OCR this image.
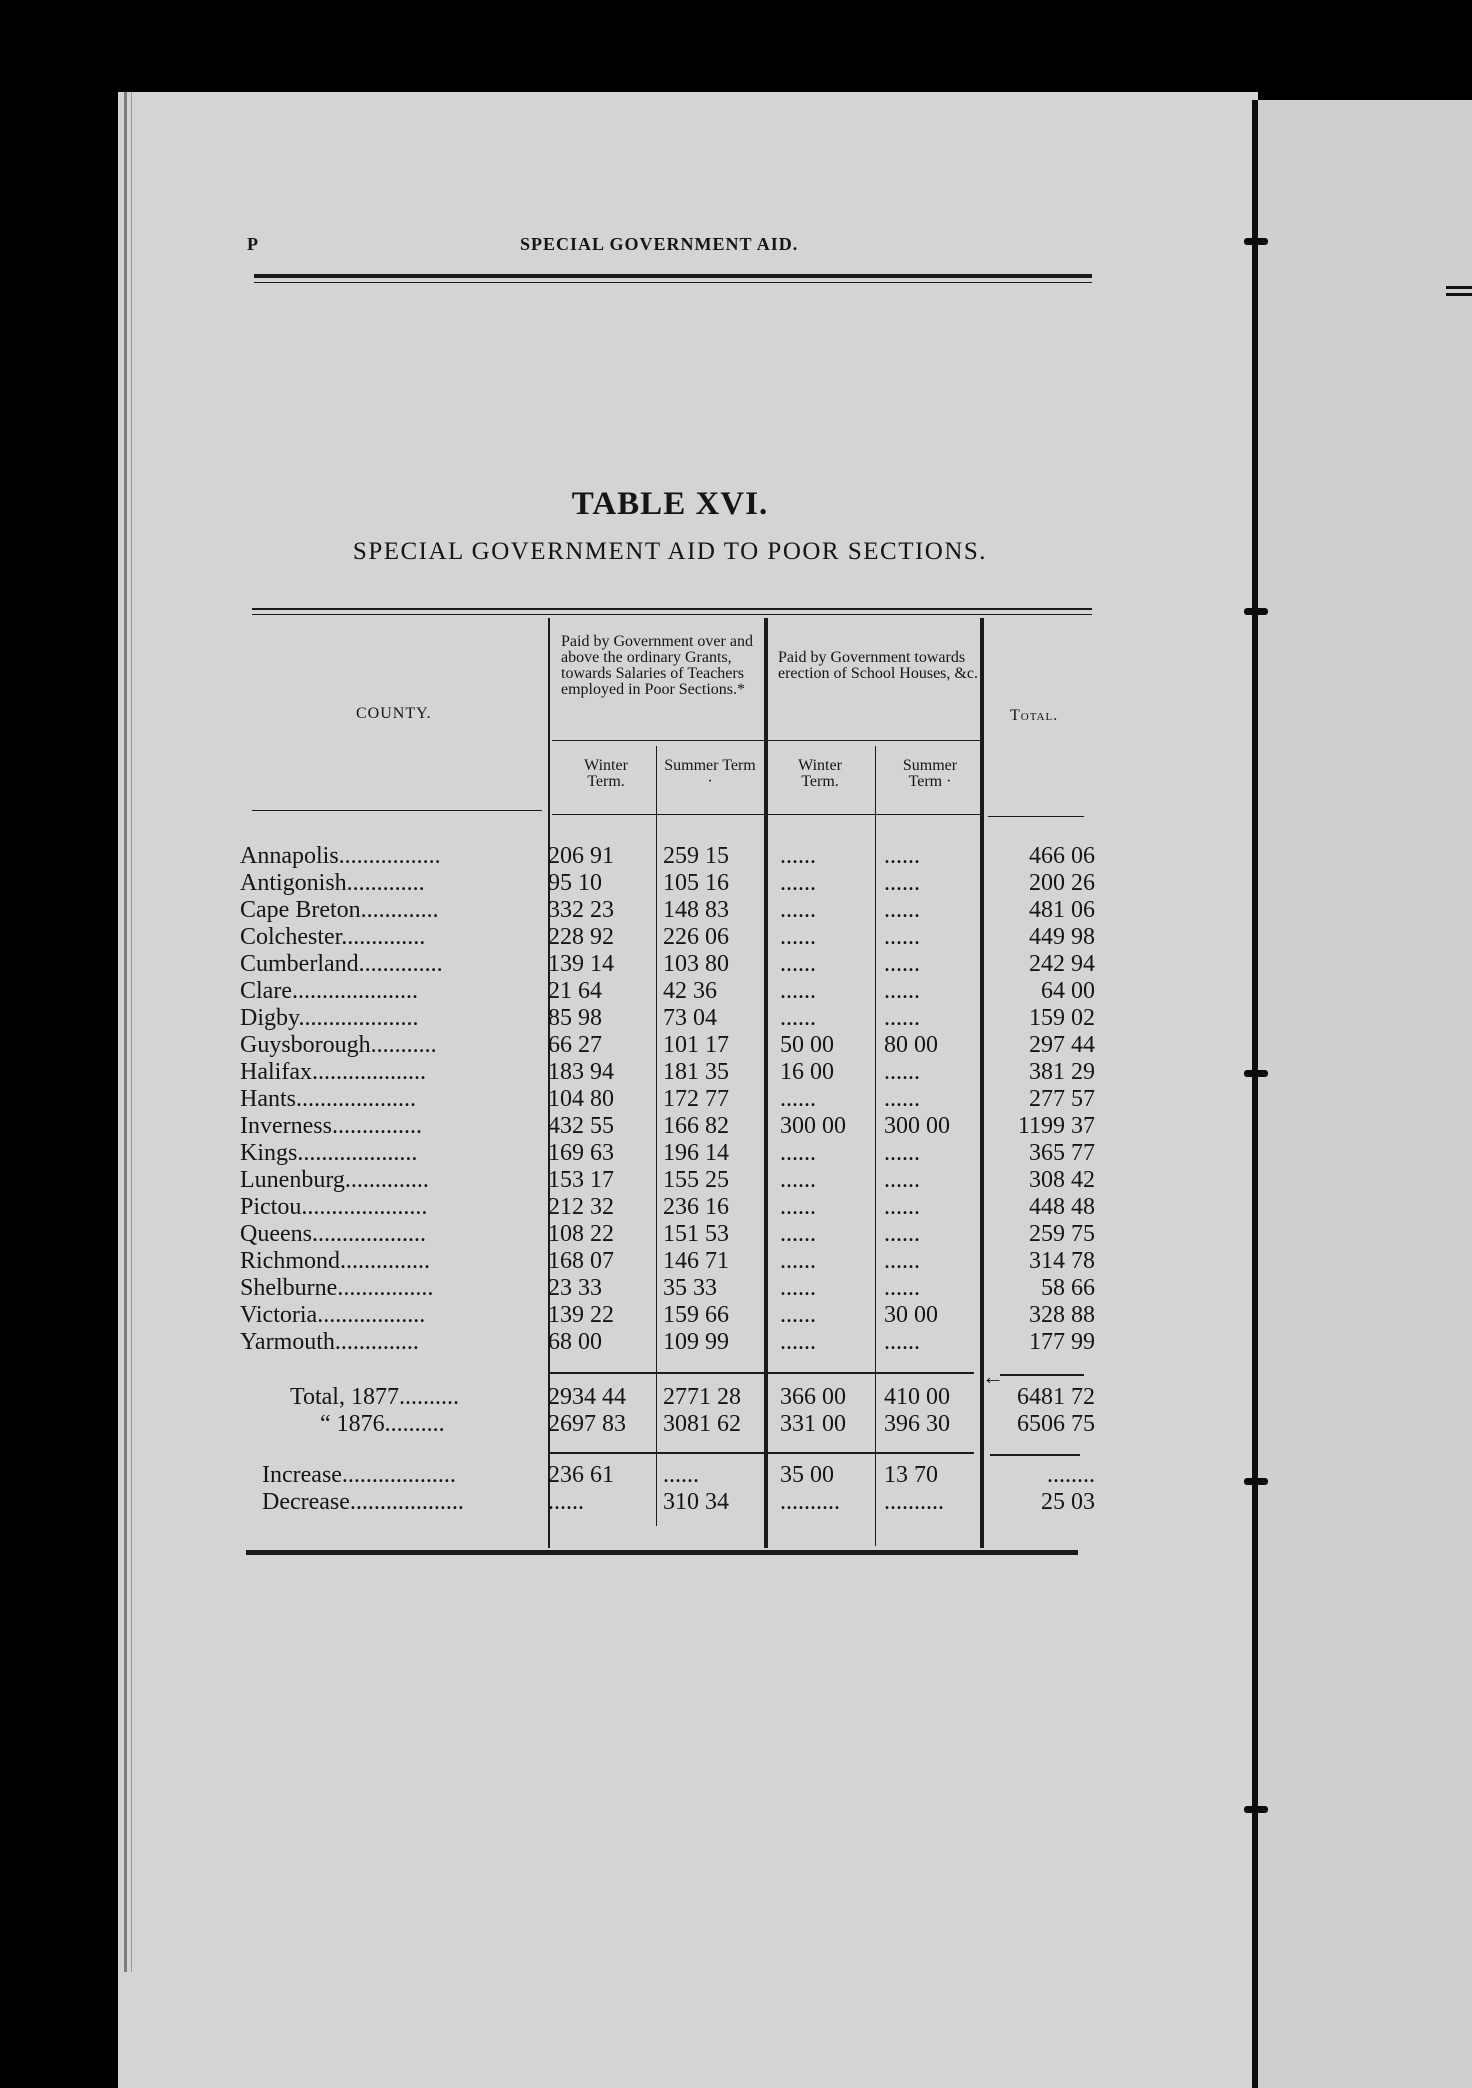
P	SPECIAL GOVERNMENT AID.
TABLE XVI.
SPECIAL GOVERNMENT AID TO POOR SECTIONS.
COUNTY.
Paid by Government over and above the ordinary Grants, towards Salaries of Teachers employed in Poor Sections.*
Paid by Government towards erection of School Houses, &c.
Total.
Winter Term.
Summer Term ·
Winter Term.
Summer Term ·
Annapolis.................	206 91	259 15	......	......	466 06
Antigonish.............	95 10	105 16	......	......	200 26
Cape Breton.............	332 23	148 83	......	......	481 06
Colchester..............	228 92	226 06	......	......	449 98
Cumberland..............	139 14	103 80	......	......	242 94
Clare.....................	21 64	42 36	......	......	64 00
Digby....................	85 98	73 04	......	......	159 02
Guysborough...........	66 27	101 17	50 00	80 00	297 44
Halifax...................	183 94	181 35	16 00	......	381 29
Hants....................	104 80	172 77	......	......	277 57
Inverness...............	432 55	166 82	300 00	300 00	1199 37
Kings....................	169 63	196 14	......	......	365 77
Lunenburg..............	153 17	155 25	......	......	308 42
Pictou.....................	212 32	236 16	......	......	448 48
Queens...................	108 22	151 53	......	......	259 75
Richmond...............	168 07	146 71	......	......	314 78
Shelburne................	23 33	35 33	......	......	58 66
Victoria..................	139 22	159 66	......	30 00	328 88
Yarmouth..............	68 00	109 99	......	......	177 99
Total, 1877..........	2934 44	2771 28	366 00	410 00	6481 72
“ 1876..........	2697 83	3081 62	331 00	396 30	6506 75
Increase...................	236 61	......	35 00	13 70	........
Decrease...................	......	310 34	..........	..........	25 03
←
